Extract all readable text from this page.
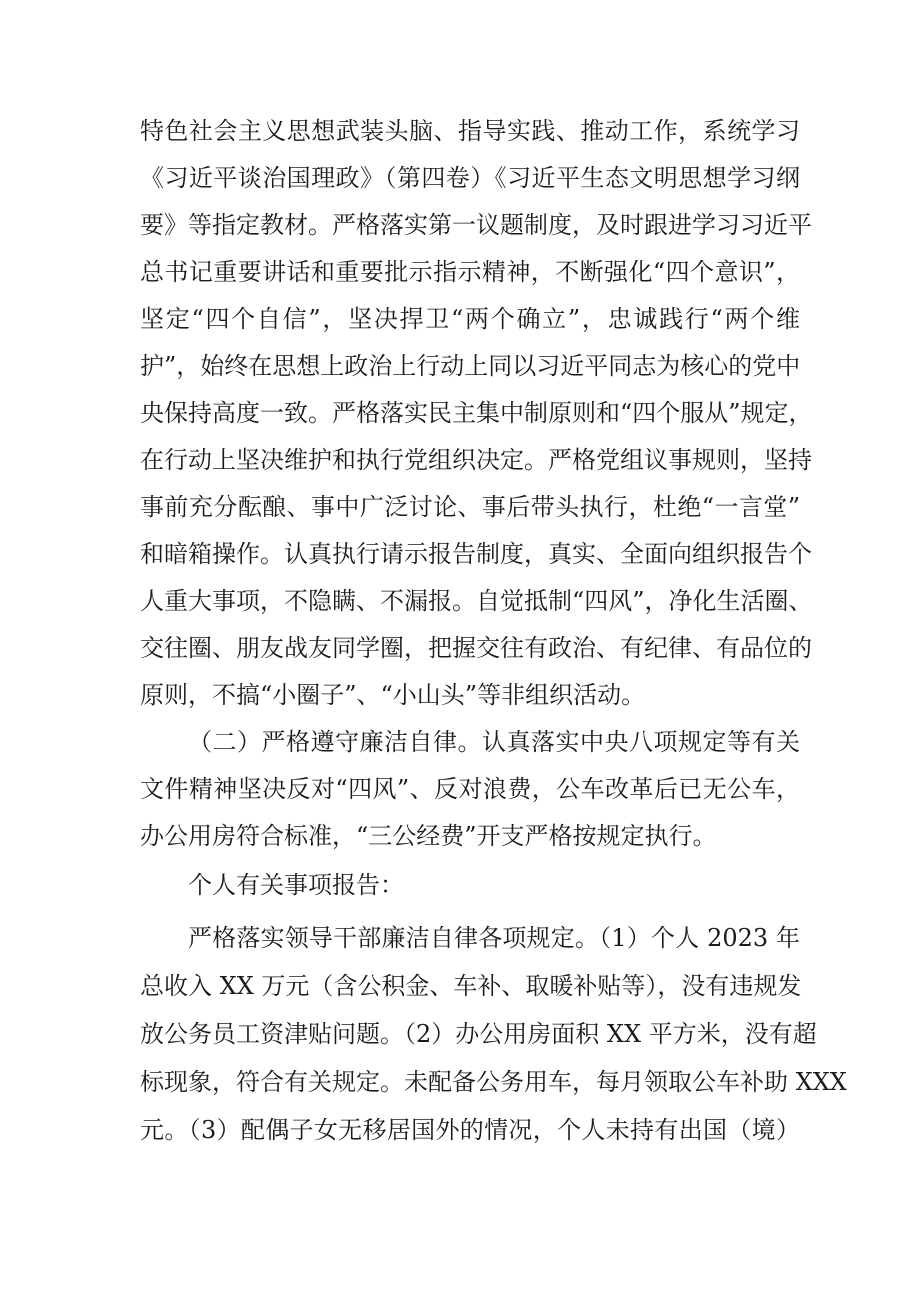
特色社会主义思想武装头脑、指导实践、推动工作，系统学习
《习近平谈治国理政》（第四卷）《习近平生态文明思想学习纲
要》等指定教材。严格落实第一议题制度，及时跟进学习习近平
总书记重要讲话和重要批示指示精神，不断强化“四个意识”，
坚定“四个自信”，坚决捍卫“两个确立”，忠诚践行“两个维
护”，始终在思想上政治上行动上同以习近平同志为核心的党中
央保持高度一致。严格落实民主集中制原则和“四个服从”规定，
在行动上坚决维护和执行党组织决定。严格党组议事规则，坚持
事前充分酝酿、事中广泛讨论、事后带头执行，杜绝“一言堂”
和暗箱操作。认真执行请示报告制度，真实、全面向组织报告个
人重大事项，不隐瞒、不漏报。自觉抵制“四风”，净化生活圈、
交往圈、朋友战友同学圈，把握交往有政治、有纪律、有品位的
原则，不搞“小圈子”、“小山头”等非组织活动。
（二）严格遵守廉洁自律。认真落实中央八项规定等有关
文件精神坚决反对“四风”、反对浪费，公车改革后已无公车，
办公用房符合标准，“三公经费”开支严格按规定执行。
个人有关事项报告：
严格落实领导干部廉洁自律各项规定。（1）个人 2023 年
总收入 XX 万元（含公积金、车补、取暖补贴等），没有违规发
放公务员工资津贴问题。（2）办公用房面积 XX 平方米，没有超
标现象，符合有关规定。未配备公务用车，每月领取公车补助 XXX
元。（3）配偶子女无移居国外的情况，个人未持有出国（境）
